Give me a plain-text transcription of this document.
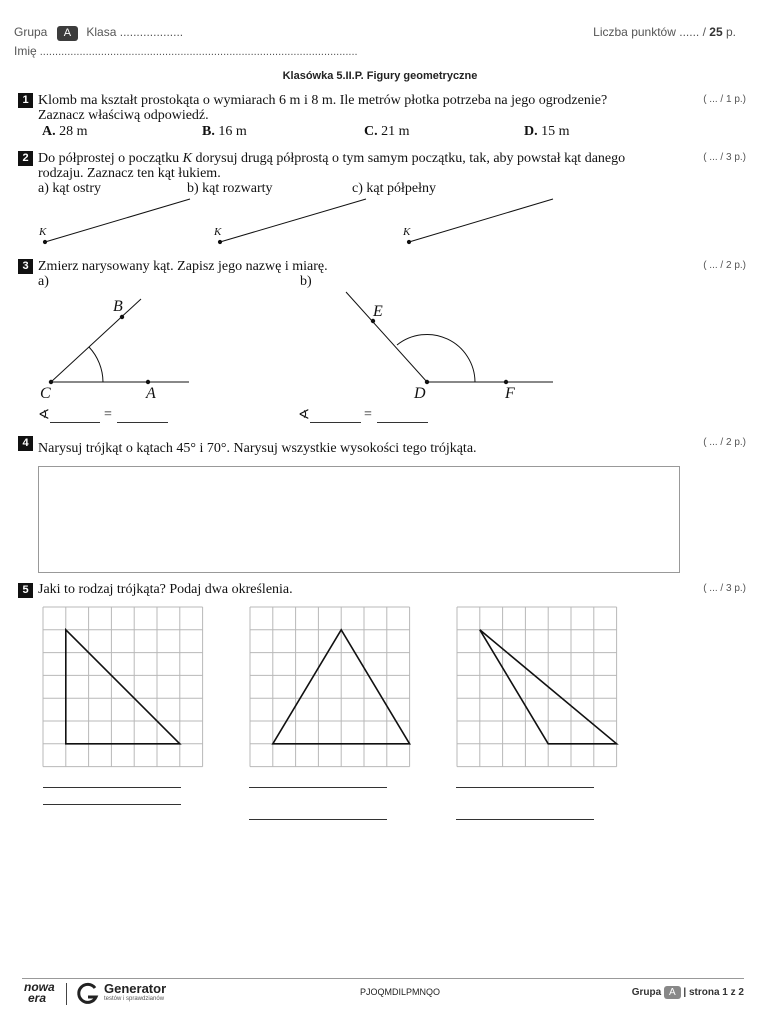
Grupa A Klasa ...................	Liczba punktów ...... / 25 p.
Imię ........................................................................................................
Klasówka 5.II.P. Figury geometryczne
1 Klomb ma kształt prostokąta o wymiarach 6 m i 8 m. Ile metrów płotka potrzeba na jego ogrodzenie?
Zaznacz właściwą odpowiedź.
( ... / 1 p.)
A. 28 m	B. 16 m	C. 21 m	D. 15 m
2 Do półprostej o początku K dorysuj drugą półprostą o tym samym początku, tak, aby powstał kąt danego
rodzaju. Zaznacz ten kąt łukiem.
( ... / 3 p.)
a) kąt ostry	b) kąt rozwarty	c) kąt półpełny
K	K	K
3 Zmierz narysowany kąt. Zapisz jego nazwę i miarę.	( ... / 2 p.)
a)	b)
B
C	A
E
D	F
∢	=	∢	=
4 Narysuj trójkąt o kątach 45° i 70°. Narysuj wszystkie wysokości tego trójkąta.	( ... / 2 p.)
5 Jaki to rodzaj trójkąta? Podaj dwa określenia.	( ... / 3 p.)
nowa
era
Generator
testów i sprawdzianów
PJOQMDILPMNQO	Grupa A | strona 1 z 2
